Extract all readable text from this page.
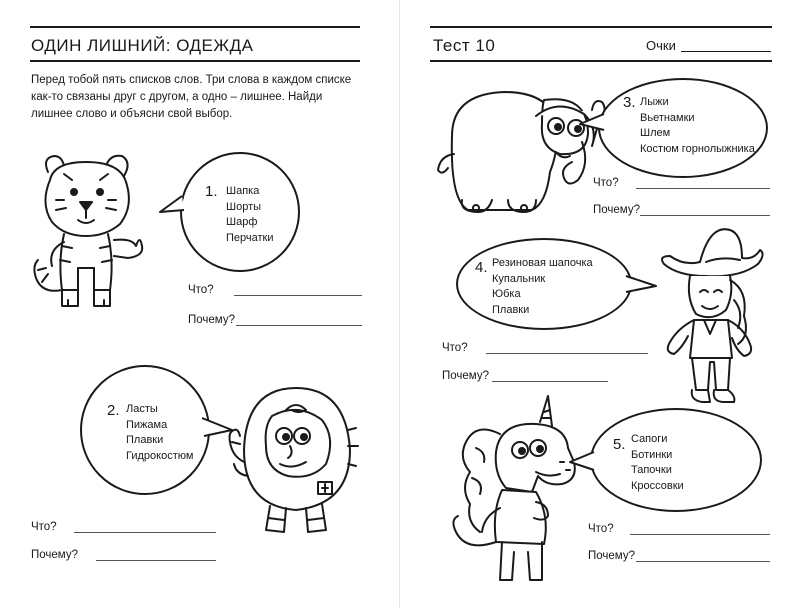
ОДИН ЛИШНИЙ: ОДЕЖДА
Перед тобой пять списков слов. Три слова в каждом списке как-то связаны друг с другом, а одно – лишнее. Найди лишнее слово и объясни свой выбор.
1. Шапка
Шорты
Шарф
Перчатки
Что?
Почему?
2. Ласты
Пижама
Плавки
Гидрокостюм
Что?
Почему?
Тест 10	Очки
3. Лыжи
Вьетнамки
Шлем
Костюм горнолыжника
Что?
Почему?
4. Резиновая шапочка
Купальник
Юбка
Плавки
Что?
Почему?
5. Сапоги
Ботинки
Тапочки
Кроссовки
Что?
Почему?
